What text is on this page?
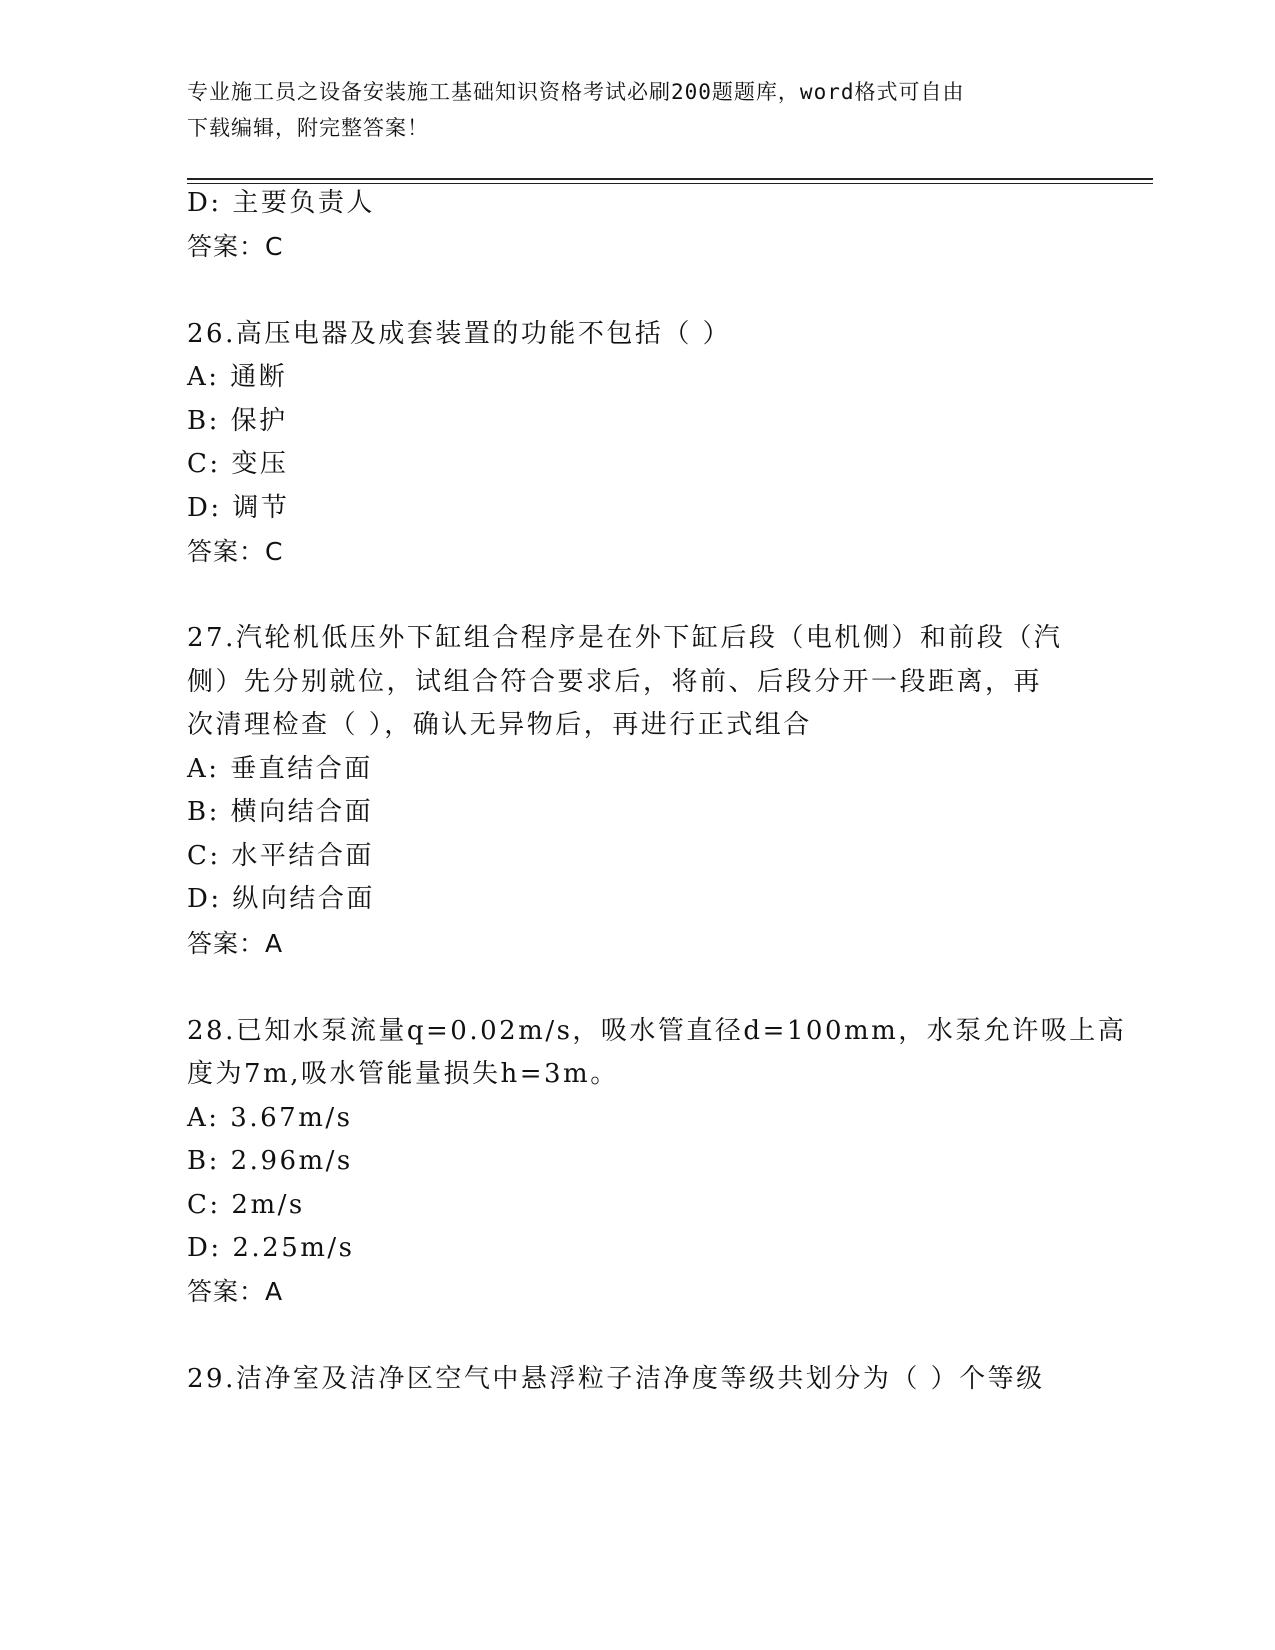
专业施工员之设备安装施工基础知识资格考试必刷200题题库，word格式可自由
下载编辑，附完整答案！
D: 主要负责人
答案：C
26.高压电器及成套装置的功能不包括（ ）
A: 通断
B: 保护
C: 变压
D: 调节
答案：C
27.汽轮机低压外下缸组合程序是在外下缸后段（电机侧）和前段（汽
侧）先分别就位，试组合符合要求后，将前、后段分开一段距离，再
次清理检查（ ），确认无异物后，再进行正式组合
A: 垂直结合面
B: 横向结合面
C: 水平结合面
D: 纵向结合面
答案：A
28.已知水泵流量q=0.02m/s，吸水管直径d=100mm，水泵允许吸上高
度为7m,吸水管能量损失h=3m。
A: 3.67m/s
B: 2.96m/s
C: 2m/s
D: 2.25m/s
答案：A
29.洁净室及洁净区空气中悬浮粒子洁净度等级共划分为（ ）个等级
